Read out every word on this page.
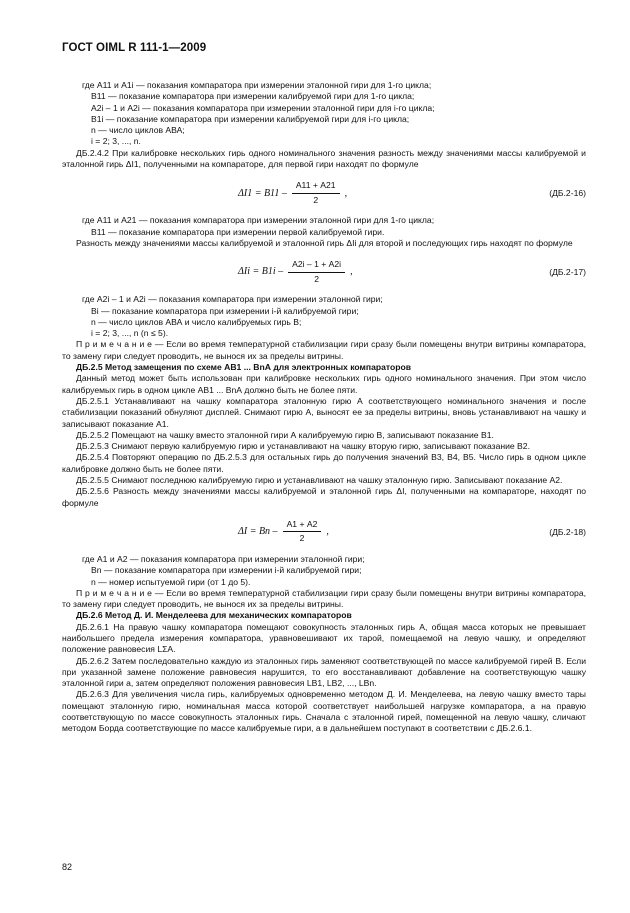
ГОСТ OIML R 111-1—2009

где А11 и А1i — показания компаратора при измерении эталонной гири для 1-го цикла;

В11 — показание компаратора при измерении калибруемой гири для 1-го цикла;

А2i – 1 и А2i — показания компаратора при измерении эталонной гири для i-го цикла;

В1i — показание компаратора при измерении калибруемой гири для i-го цикла;

n — число циклов АВА;

i = 2; 3, ..., n.

ДБ.2.4.2 При калибровке нескольких гирь одного номинального значения разность между значениями массы калибруемой и эталонной гирь ΔI1, полученными на компараторе, для первой гири находят по формуле

$\Delta I1 = В11 - \frac{А11 + А21}{2}$ ,	(ДБ.2-16)

где А11 и А21 — показания компаратора при измерении эталонной гири для 1-го цикла;

В11 — показание компаратора при измерении первой калибруемой гири.

Разность между значениями массы калибруемой и эталонной гирь ΔIi для второй и последующих гирь находят по формуле

$\Delta Ii = В1i - \frac{А2i - 1 + А2i}{2}$ ,	(ДБ.2-17)

где А2i – 1 и А2i — показания компаратора при измерении эталонной гири;

Вi — показание компаратора при измерении i-й калибруемой гири;

n — число циклов АВА и число калибруемых гирь В;

i = 2; 3, ..., n (n ≤ 5).

П р и м е ч а н и е — Если во время температурной стабилизации гири сразу были помещены внутри витрины компаратора, то замену гири следует проводить, не вынося их за пределы витрины.

ДБ.2.5 Метод замещения по схеме АВ1 ... ВnА для электронных компараторов

Данный метод может быть использован при калибровке нескольких гирь одного номинального значения. При этом число калибруемых гирь в одном цикле АВ1 ... ВnА должно быть не более пяти.

ДБ.2.5.1 Устанавливают на чашку компаратора эталонную гирю А соответствующего номинального значения и после стабилизации показаний обнуляют дисплей. Снимают гирю А, выносят ее за пределы витрины, вновь устанавливают на чашку и записывают показание А1.

ДБ.2.5.2 Помещают на чашку вместо эталонной гири А калибруемую гирю В, записывают показание В1.

ДБ.2.5.3 Снимают первую калибруемую гирю и устанавливают на чашку вторую гирю, записывают показание В2.

ДБ.2.5.4 Повторяют операцию по ДБ.2.5.3 для остальных гирь до получения значений В3, В4, В5. Число гирь в одном цикле калибровке должно быть не более пяти.

ДБ.2.5.5 Снимают последнюю калибруемую гирю и устанавливают на чашку эталонную гирю. Записывают показание А2.

ДБ.2.5.6 Разность между значениями массы калибруемой и эталонной гирь ΔI, полученными на компараторе, находят по формуле

ΔI = Вn – $\frac{А1 + А2}{2}$ ,	(ДБ.2-18)

где А1 и А2 — показания компаратора при измерении эталонной гири;

Вn — показание компаратора при измерении i-й калибруемой гири;

n — номер испытуемой гири (от 1 до 5).

П р и м е ч а н и е — Если во время температурной стабилизации гири сразу были помещены внутри витрины компаратора, то замену гири следует проводить, не вынося их за пределы витрины.

ДБ.2.6 Метод Д. И. Менделеева для механических компараторов

ДБ.2.6.1 На правую чашку компаратора помещают совокупность эталонных гирь А, общая масса которых не превышает наибольшего предела измерения компаратора, уравновешивают их тарой, помещаемой на левую чашку, и определяют положение равновесия LΣA.

ДБ.2.6.2 Затем последовательно каждую из эталонных гирь заменяют соответствующей по массе калибруемой гирей В. Если при указанной замене положение равновесия нарушится, то его восстанавливают добавление на соответствующую чашку эталонной гири a, затем определяют положения равновесия LВ1, LВ2, ..., LВn.

ДБ.2.6.3 Для увеличения числа гирь, калибруемых одновременно методом Д. И. Менделеева, на левую чашку вместо тары помещают эталонную гирю, номинальная масса которой соответствует наибольшей нагрузке компаратора, а на правую соответствующую по массе совокупность эталонных гирь. Сначала с эталонной гирей, помещенной на левую чашку, сличают методом Борда соответствующие по массе калибруемые гири, а в дальнейшем поступают в соответствии с ДБ.2.6.1.

82
